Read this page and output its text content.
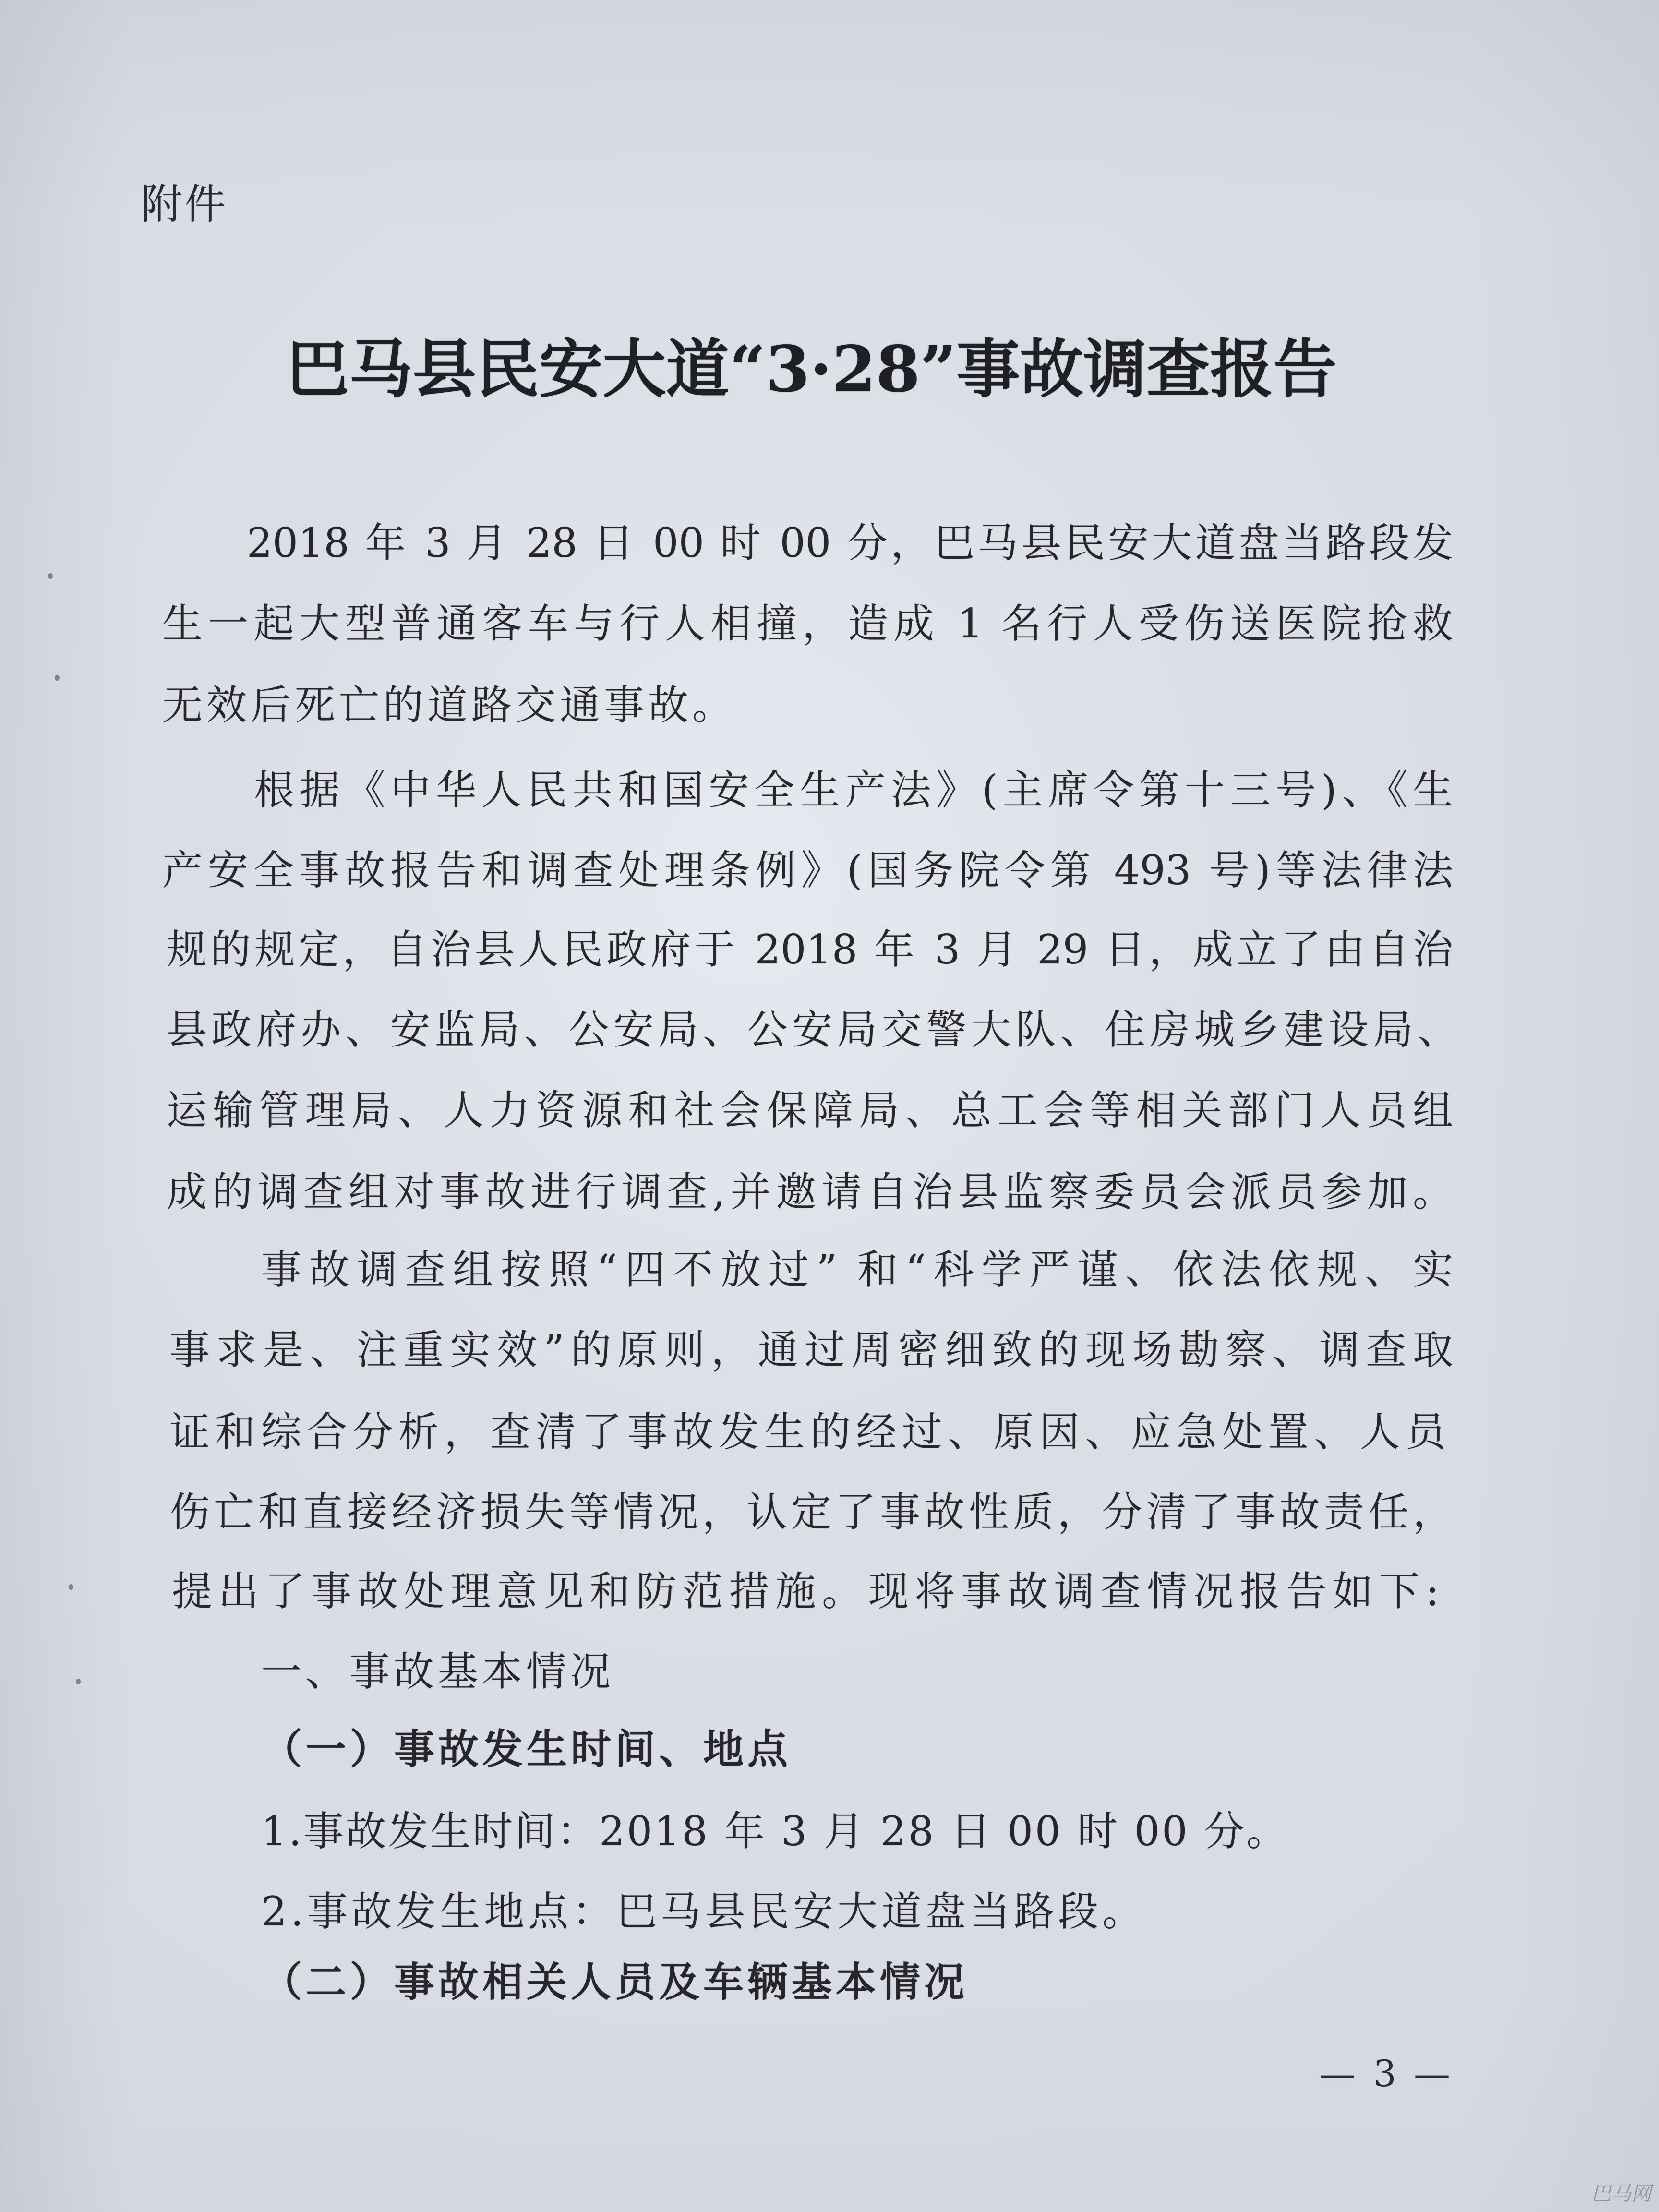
附件
巴马县民安大道“3·28”事故调查报告
2018 年 3 月 28 日 00 时 00 分，巴马县民安大道盘当路段发
生一起大型普通客车与行人相撞，造成 1 名行人受伤送医院抢救
无效后死亡的道路交通事故。
根据《中华人民共和国安全生产法》(主席令第十三号)、《生
产安全事故报告和调查处理条例》(国务院令第 493 号)等法律法
规的规定，自治县人民政府于 2018 年 3 月 29 日，成立了由自治
县政府办、安监局、公安局、公安局交警大队、住房城乡建设局、
运输管理局、人力资源和社会保障局、总工会等相关部门人员组
成的调查组对事故进行调查,并邀请自治县监察委员会派员参加。
事故调查组按照“四不放过” 和“科学严谨、依法依规、实
事求是、注重实效”的原则，通过周密细致的现场勘察、调查取
证和综合分析，查清了事故发生的经过、原因、应急处置、人员
伤亡和直接经济损失等情况，认定了事故性质，分清了事故责任，
提出了事故处理意见和防范措施。现将事故调查情况报告如下:
一、事故基本情况
（一）事故发生时间、地点
1.事故发生时间：2018 年 3 月 28 日 00 时 00 分。
2.事故发生地点：巴马县民安大道盘当路段。
（二）事故相关人员及车辆基本情况
— 3 —
巴马网
